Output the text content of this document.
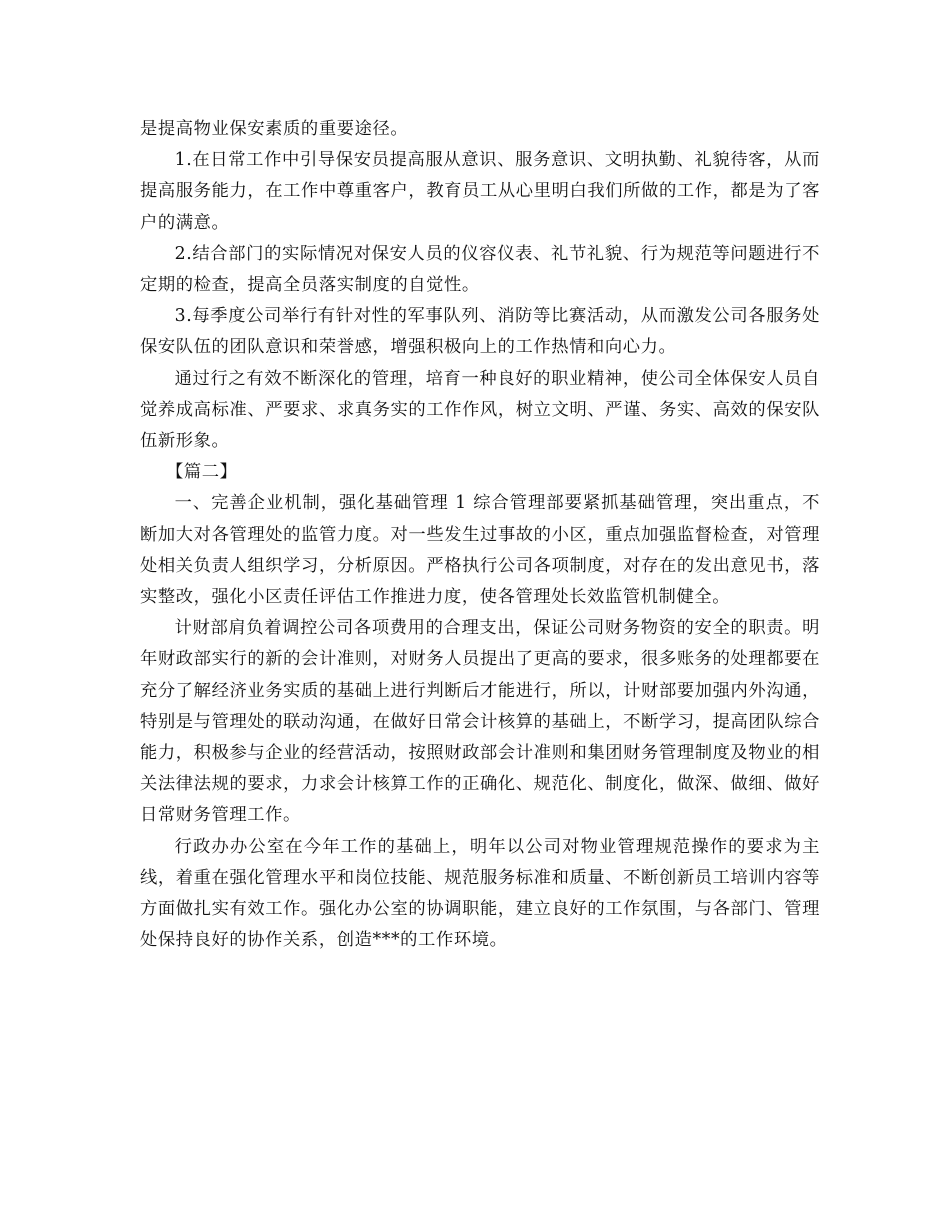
是提高物业保安素质的重要途径。

1.在日常工作中引导保安员提高服从意识、服务意识、文明执勤、礼貌待客，从而提高服务能力，在工作中尊重客户，教育员工从心里明白我们所做的工作，都是为了客户的满意。

2.结合部门的实际情况对保安人员的仪容仪表、礼节礼貌、行为规范等问题进行不定期的检查，提高全员落实制度的自觉性。

3.每季度公司举行有针对性的军事队列、消防等比赛活动，从而激发公司各服务处保安队伍的团队意识和荣誉感，增强积极向上的工作热情和向心力。

通过行之有效不断深化的管理，培育一种良好的职业精神，使公司全体保安人员自觉养成高标准、严要求、求真务实的工作作风，树立文明、严谨、务实、高效的保安队伍新形象。

【篇二】

一、完善企业机制，强化基础管理 1 综合管理部要紧抓基础管理，突出重点，不断加大对各管理处的监管力度。对一些发生过事故的小区，重点加强监督检查，对管理处相关负责人组织学习，分析原因。严格执行公司各项制度，对存在的发出意见书，落实整改，强化小区责任评估工作推进力度，使各管理处长效监管机制健全。

计财部肩负着调控公司各项费用的合理支出，保证公司财务物资的安全的职责。明年财政部实行的新的会计准则，对财务人员提出了更高的要求，很多账务的处理都要在充分了解经济业务实质的基础上进行判断后才能进行，所以，计财部要加强内外沟通，特别是与管理处的联动沟通，在做好日常会计核算的基础上，不断学习，提高团队综合能力，积极参与企业的经营活动，按照财政部会计准则和集团财务管理制度及物业的相关法律法规的要求，力求会计核算工作的正确化、规范化、制度化，做深、做细、做好日常财务管理工作。

行政办办公室在今年工作的基础上，明年以公司对物业管理规范操作的要求为主线，着重在强化管理水平和岗位技能、规范服务标准和质量、不断创新员工培训内容等方面做扎实有效工作。强化办公室的协调职能，建立良好的工作氛围，与各部门、管理处保持良好的协作关系，创造***的工作环境。
